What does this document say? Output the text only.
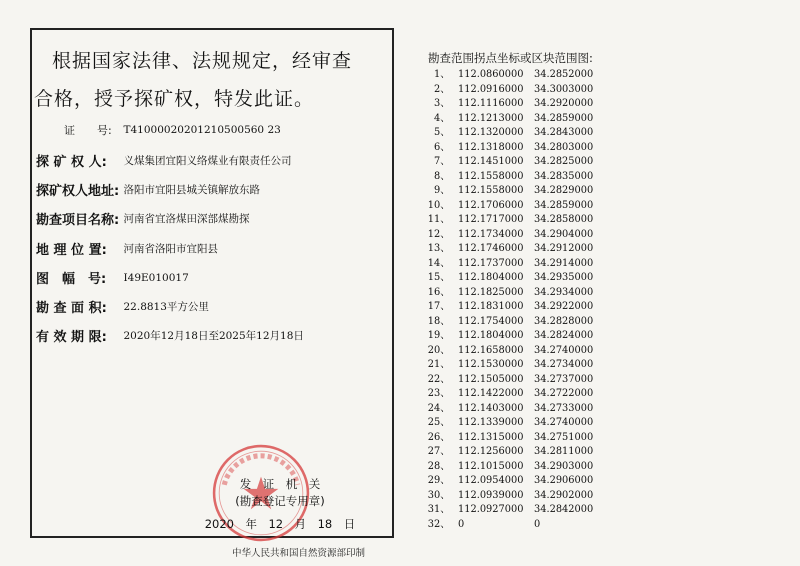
根据国家法律、法规规定，经审查
合格，授予探矿权，特发此证。
证　　号: T41000020201210500560 23
探 矿 权 人: 义煤集团宜阳义络煤业有限责任公司
探矿权人地址: 洛阳市宜阳县城关镇解放东路
勘查项目名称: 河南省宜洛煤田深部煤勘探
地 理 位 置: 河南省洛阳市宜阳县
图　幅　号: I49E010017
勘 查 面 积: 22.8813平方公里
有 效 期 限: 2020年12月18日至2025年12月18日
发　证　机　关
(勘查登记专用章)
2020　年　12　月　18　日
勘查范围拐点坐标或区块范围图:
1、 112.0860000 34.2852000
2、 112.0916000 34.3003000
3、 112.1116000 34.2920000
4、 112.1213000 34.2859000
5、 112.1320000 34.2843000
6、 112.1318000 34.2803000
7、 112.1451000 34.2825000
8、 112.1558000 34.2835000
9、 112.1558000 34.2829000
10、 112.1706000 34.2859000
11、 112.1717000 34.2858000
12、 112.1734000 34.2904000
13、 112.1746000 34.2912000
14、 112.1737000 34.2914000
15、 112.1804000 34.2935000
16、 112.1825000 34.2934000
17、 112.1831000 34.2922000
18、 112.1754000 34.2828000
19、 112.1804000 34.2824000
20、 112.1658000 34.2740000
21、 112.1530000 34.2734000
22、 112.1505000 34.2737000
23、 112.1422000 34.2722000
24、 112.1403000 34.2733000
25、 112.1339000 34.2740000
26、 112.1315000 34.2751000
27、 112.1256000 34.2811000
28、 112.1015000 34.2903000
29、 112.0954000 34.2906000
30、 112.0939000 34.2902000
31、 112.0927000 34.2842000
32、 0	0
中华人民共和国自然资源部印制
